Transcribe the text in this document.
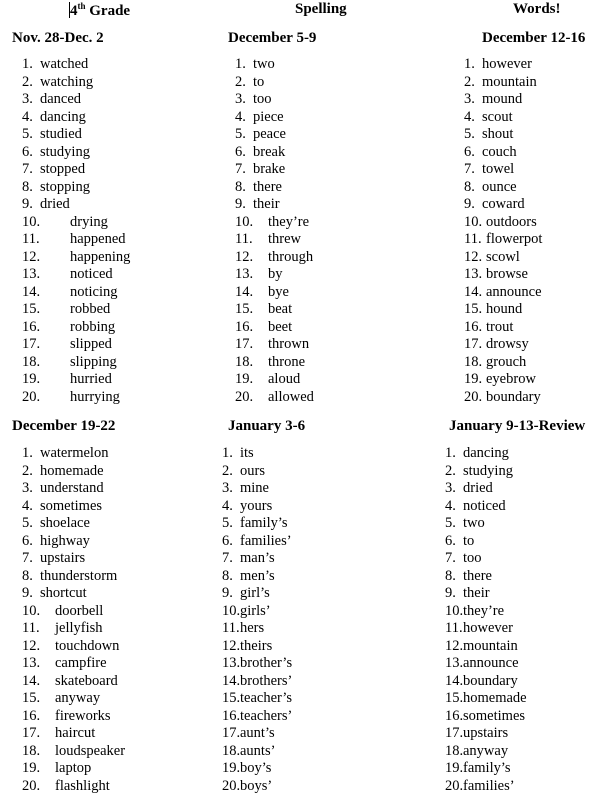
4th Grade	Spelling	Words!
Nov. 28-Dec. 2
1. watched
2. watching
3. danced
4. dancing
5. studied
6. studying
7. stopped
8. stopping
9. dried
10.	drying
11.	happened
12.	happening
13.	noticed
14.	noticing
15.	robbed
16.	robbing
17.	slipped
18.	slipping
19.	hurried
20.	hurrying
December 5-9
1. two
2. to
3. too
4. piece
5. peace
6. break
7. brake
8. there
9. their
10.	they’re
11.	threw
12.	through
13.	by
14.	bye
15.	beat
16.	beet
17.	thrown
18.	throne
19.	aloud
20.	allowed
December 12-16
1. however
2. mountain
3. mound
4. scout
5. shout
6. couch
7. towel
8. ounce
9. coward
10. outdoors
11. flowerpot
12. scowl
13. browse
14. announce
15. hound
16. trout
17. drowsy
18. grouch
19. eyebrow
20. boundary
December 19-22
1. watermelon
2. homemade
3. understand
4. sometimes
5. shoelace
6. highway
7. upstairs
8. thunderstorm
9. shortcut
10.	doorbell
11.	jellyfish
12.	touchdown
13.	campfire
14.	skateboard
15.	anyway
16.	fireworks
17.	haircut
18.	loudspeaker
19.	laptop
20.	flashlight
January 3-6
1. its
2. ours
3. mine
4. yours
5. family’s
6. families’
7. man’s
8. men’s
9. girl’s
10. girls’
11. hers
12. theirs
13. brother’s
14. brothers’
15. teacher’s
16. teachers’
17. aunt’s
18. aunts’
19. boy’s
20. boys’
January 9-13-Review
1. dancing
2. studying
3. dried
4. noticed
5. two
6. to
7. too
8. there
9. their
10. they’re
11. however
12. mountain
13. announce
14. boundary
15. homemade
16. sometimes
17. upstairs
18. anyway
19. family’s
20. families’
